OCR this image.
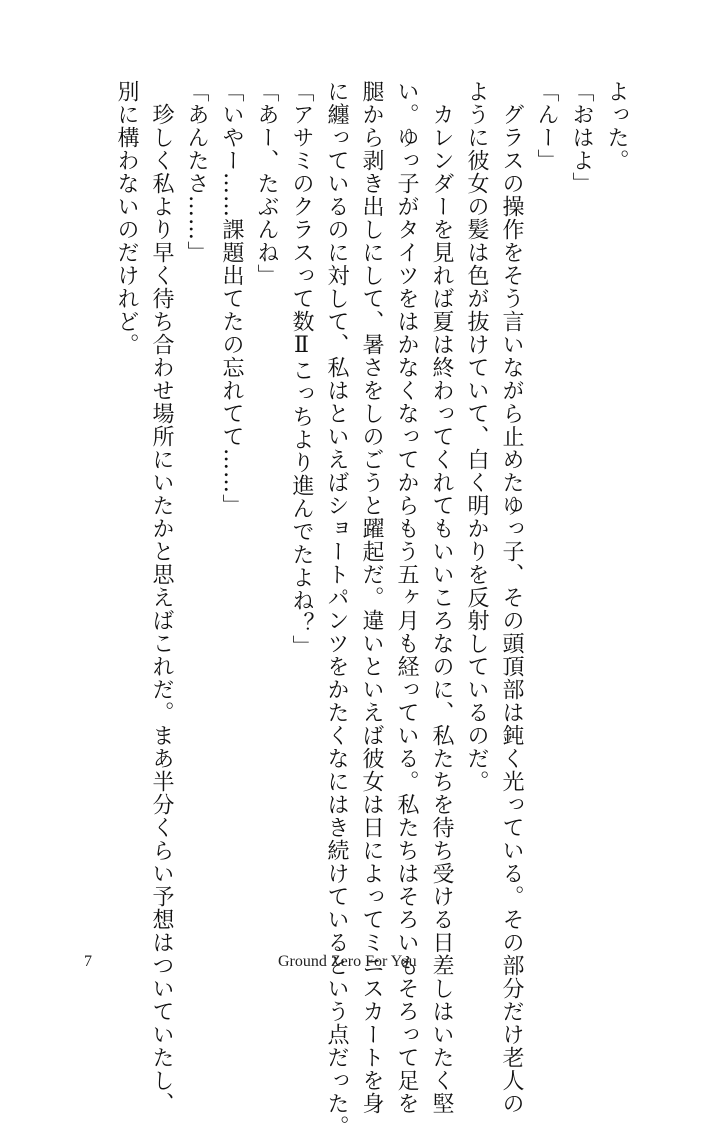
よった。
「おはよ」
「んー」
　グラスの操作をそう言いながら止めたゆっ子、その頭頂部は鈍く光っている。その部分だけ老人の
ように彼女の髪は色が抜けていて、白く明かりを反射しているのだ。
　カレンダーを見れば夏は終わってくれてもいいころなのに、私たちを待ち受ける日差しはいたく堅
い。ゆっ子がタイツをはかなくなってからもう五ヶ月も経っている。私たちはそろいもそろって足を
腿から剥き出しにして、暑さをしのごうと躍起だ。違いといえば彼女は日によってミニスカートを身
に纏っているのに対して、私はといえばショートパンツをかたくなにはき続けているという点だった。
「アサミのクラスって数Ⅱこっちより進んでたよね？」
「あー、たぶんね」
「いやー……課題出てたの忘れてて……」
「あんたさ……」
　珍しく私より早く待ち合わせ場所にいたかと思えばこれだ。まあ半分くらい予想はついていたし、
別に構わないのだけれど。
7	Ground Zero For You
